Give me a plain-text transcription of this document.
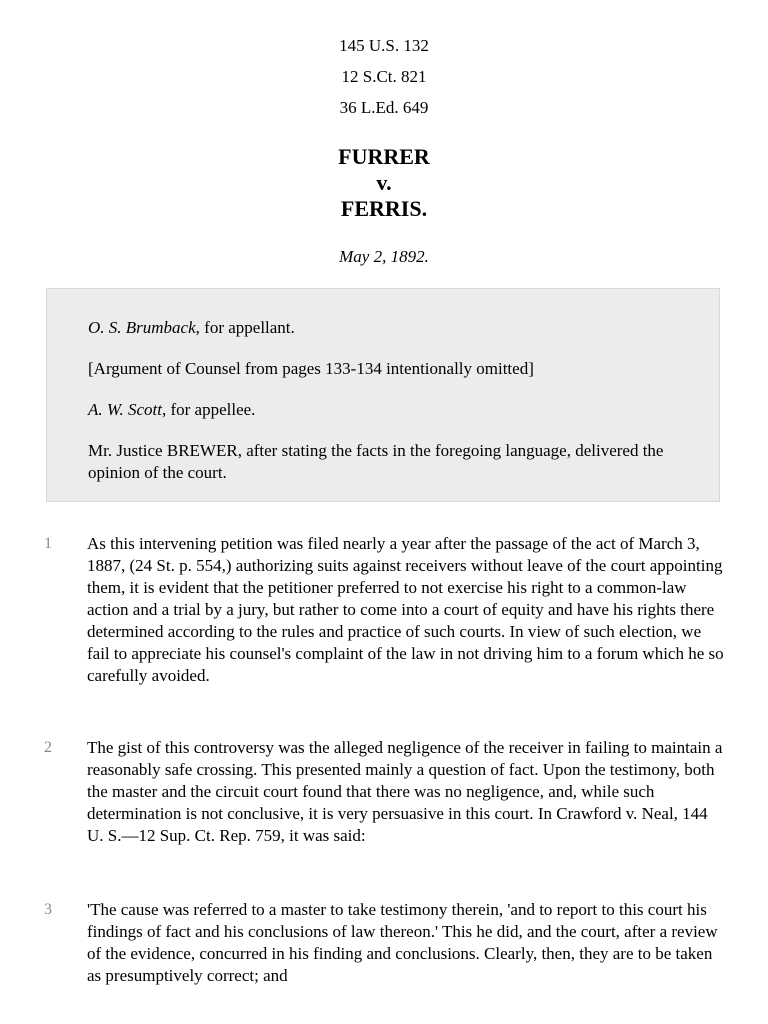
145 U.S. 132
12 S.Ct. 821
36 L.Ed. 649
FURRER
v.
FERRIS.
May 2, 1892.

O. S. Brumback, for appellant.

[Argument of Counsel from pages 133-134 intentionally omitted]

A. W. Scott, for appellee.

Mr. Justice BREWER, after stating the facts in the foregoing language, delivered the opinion of the court.

1	As this intervening petition was filed nearly a year after the passage of the act of March 3, 1887, (24 St. p. 554,) authorizing suits against receivers without leave of the court appointing them, it is evident that the petitioner preferred to not exercise his right to a common-law action and a trial by a jury, but rather to come into a court of equity and have his rights there determined according to the rules and practice of such courts. In view of such election, we fail to appreciate his counsel's complaint of the law in not driving him to a forum which he so carefully avoided.

2	The gist of this controversy was the alleged negligence of the receiver in failing to maintain a reasonably safe crossing. This presented mainly a question of fact. Upon the testimony, both the master and the circuit court found that there was no negligence, and, while such determination is not conclusive, it is very persuasive in this court. In Crawford v. Neal, 144 U. S.—12 Sup. Ct. Rep. 759, it was said:

3	'The cause was referred to a master to take testimony therein, 'and to report to this court his findings of fact and his conclusions of law thereon.' This he did, and the court, after a review of the evidence, concurred in his finding and conclusions. Clearly, then, they are to be taken as presumptively correct; and
